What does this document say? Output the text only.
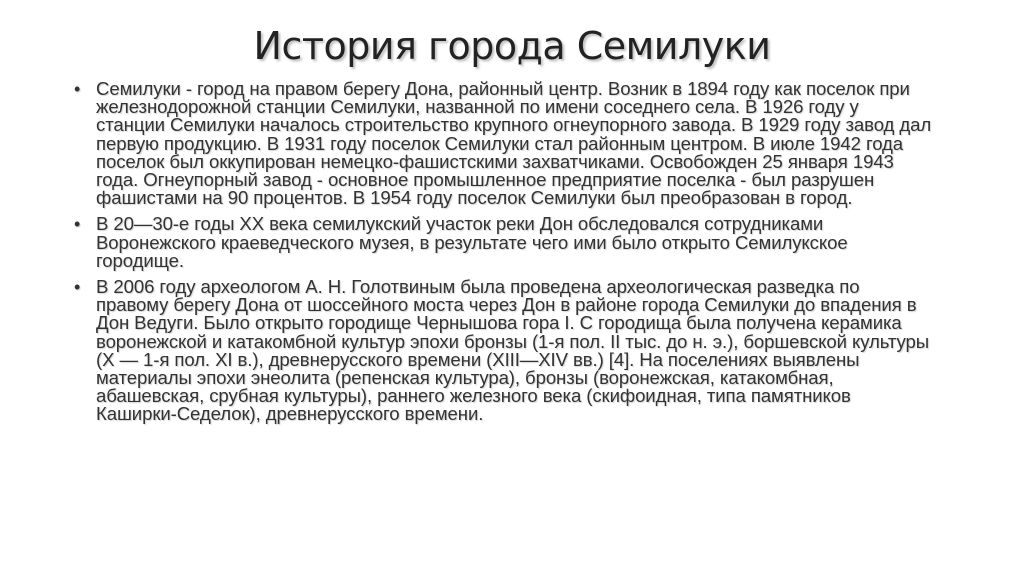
История города Семилуки
• Семилуки - город на правом берегу Дона, районный центр. Возник в 1894 году как поселок при железнодорожной станции Семилуки, названной по имени соседнего села. В 1926 году у станции Семилуки началось строительство крупного огнеупорного завода. В 1929 году завод дал первую продукцию. В 1931 году поселок Семилуки стал районным центром. В июле 1942 года поселок был оккупирован немецко-фашистскими захватчиками. Освобожден 25 января 1943 года. Огнеупорный завод - основное промышленное предприятие поселка - был разрушен фашистами на 90 процентов. В 1954 году поселок Семилуки был преобразован в город.
• В 20—30-е годы XX века семилукский участок реки Дон обследовался сотрудниками Воронежского краеведческого музея, в результате чего ими было открыто Семилукское городище.
• В 2006 году археологом А. Н. Голотвиным была проведена археологическая разведка по правому берегу Дона от шоссейного моста через Дон в районе города Семилуки до впадения в Дон Ведуги. Было открыто городище Чернышова гора I. С городища была получена керамика воронежской и катакомбной культур эпохи бронзы (1-я пол. II тыс. до н. э.), боршевской культуры (X — 1-я пол. XI в.), древнерусского времени (XIII—XIV вв.) [4]. На поселениях выявлены материалы эпохи энеолита (репенская культура), бронзы (воронежская, катакомбная, абашевская, срубная культуры), раннего железного века (скифоидная, типа памятников Каширки-Седелок), древнерусского времени.
